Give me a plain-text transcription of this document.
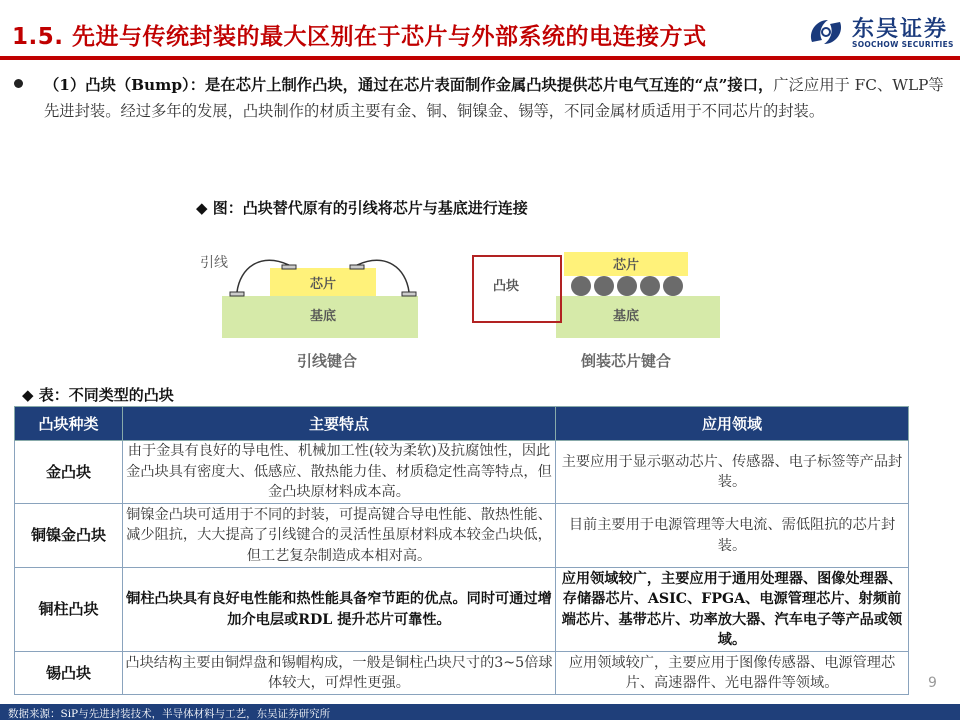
1.5. 先进与传统封装的最大区别在于芯片与外部系统的电连接方式	东吴证券
SOOCHOW SECURITIES
（1）凸块（Bump）：是在芯片上制作凸块，通过在芯片表面制作金属凸块提供芯片电气互连的“点”接口，广泛应用于 FC、WLP等先进封装。经过多年的发展，凸块制作的材质主要有金、铜、铜镍金、锡等，不同金属材质适用于不同芯片的封装。
◆ 图：凸块替代原有的引线将芯片与基底进行连接
引线
芯片
基底
引线键合
凸块
芯片
基底
倒装芯片键合
◆ 表：不同类型的凸块
凸块种类	主要特点	应用领域
金凸块	由于金具有良好的导电性、机械加工性(较为柔软)及抗腐蚀性，因此金凸块具有密度大、低感应、散热能力佳、材质稳定性高等特点，但金凸块原材料成本高。	主要应用于显示驱动芯片、传感器、电子标签等产品封装。
铜镍金凸块	铜镍金凸块可适用于不同的封装，可提高键合导电性能、散热性能、减少阻抗，大大提高了引线键合的灵活性虽原材料成本较金凸块低，但工艺复杂制造成本相对高。	目前主要用于电源管理等大电流、需低阻抗的芯片封装。
铜柱凸块	铜柱凸块具有良好电性能和热性能具备窄节距的优点。同时可通过增加介电层或RDL 提升芯片可靠性。	应用领域较广，主要应用于通用处理器、图像处理器、存储器芯片、ASIC、FPGA、电源管理芯片、射频前端芯片、基带芯片、功率放大器、汽车电子等产品或领域。
锡凸块	凸块结构主要由铜焊盘和锡帽构成，一般是铜柱凸块尺寸的3~5倍球体较大，可焊性更强。	应用领域较广，主要应用于图像传感器、电源管理芯片、高速器件、光电器件等领域。	9
数据来源：SiP与先进封装技术，半导体材料与工艺，东吴证券研究所
